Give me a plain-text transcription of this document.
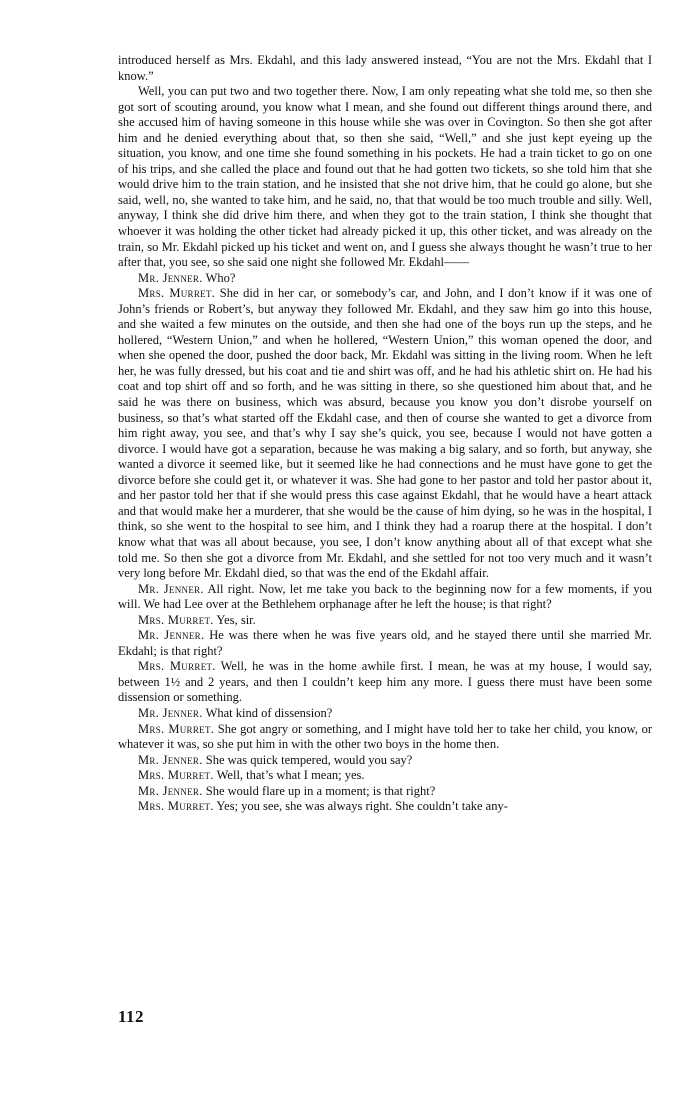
introduced herself as Mrs. Ekdahl, and this lady answered instead, “You are not the Mrs. Ekdahl that I know.”

Well, you can put two and two together there. Now, I am only repeating what she told me, so then she got sort of scouting around, you know what I mean, and she found out different things around there, and she accused him of having someone in this house while she was over in Covington. So then she got after him and he denied everything about that, so then she said, “Well,” and she just kept eyeing up the situation, you know, and one time she found something in his pockets. He had a train ticket to go on one of his trips, and she called the place and found out that he had gotten two tickets, so she told him that she would drive him to the train station, and he insisted that she not drive him, that he could go alone, but she said, well, no, she wanted to take him, and he said, no, that that would be too much trouble and silly. Well, anyway, I think she did drive him there, and when they got to the train station, I think she thought that whoever it was holding the other ticket had already picked it up, this other ticket, and was already on the train, so Mr. Ekdahl picked up his ticket and went on, and I guess she always thought he wasn’t true to her after that, you see, so she said one night she followed Mr. Ekdahl——

Mr. Jenner. Who?

Mrs. Murret. She did in her car, or somebody’s car, and John, and I don’t know if it was one of John’s friends or Robert’s, but anyway they followed Mr. Ekdahl, and they saw him go into this house, and she waited a few minutes on the outside, and then she had one of the boys run up the steps, and he hollered, “Western Union,” and when he hollered, “Western Union,” this woman opened the door, and when she opened the door, pushed the door back, Mr. Ekdahl was sitting in the living room. When he left her, he was fully dressed, but his coat and tie and shirt was off, and he had his athletic shirt on. He had his coat and top shirt off and so forth, and he was sitting in there, so she questioned him about that, and he said he was there on business, which was absurd, because you know you don’t disrobe yourself on business, so that’s what started off the Ekdahl case, and then of course she wanted to get a divorce from him right away, you see, and that’s why I say she’s quick, you see, because I would not have gotten a divorce. I would have got a separation, because he was making a big salary, and so forth, but anyway, she wanted a divorce it seemed like, but it seemed like he had connections and he must have gone to get the divorce before she could get it, or whatever it was. She had gone to her pastor and told her pastor about it, and her pastor told her that if she would press this case against Ekdahl, that he would have a heart attack and that would make her a murderer, that she would be the cause of him dying, so he was in the hospital, I think, so she went to the hospital to see him, and I think they had a roarup there at the hospital. I don’t know what that was all about because, you see, I don’t know anything about all of that except what she told me. So then she got a divorce from Mr. Ekdahl, and she settled for not too very much and it wasn’t very long before Mr. Ekdahl died, so that was the end of the Ekdahl affair.

Mr. Jenner. All right. Now, let me take you back to the beginning now for a few moments, if you will. We had Lee over at the Bethlehem orphanage after he left the house; is that right?

Mrs. Murret. Yes, sir.

Mr. Jenner. He was there when he was five years old, and he stayed there until she married Mr. Ekdahl; is that right?

Mrs. Murret. Well, he was in the home awhile first. I mean, he was at my house, I would say, between 1½ and 2 years, and then I couldn’t keep him any more. I guess there must have been some dissension or something.

Mr. Jenner. What kind of dissension?

Mrs. Murret. She got angry or something, and I might have told her to take her child, you know, or whatever it was, so she put him in with the other two boys in the home then.

Mr. Jenner. She was quick tempered, would you say?

Mrs. Murret. Well, that’s what I mean; yes.

Mr. Jenner. She would flare up in a moment; is that right?

Mrs. Murret. Yes; you see, she was always right. She couldn’t take any-

112
